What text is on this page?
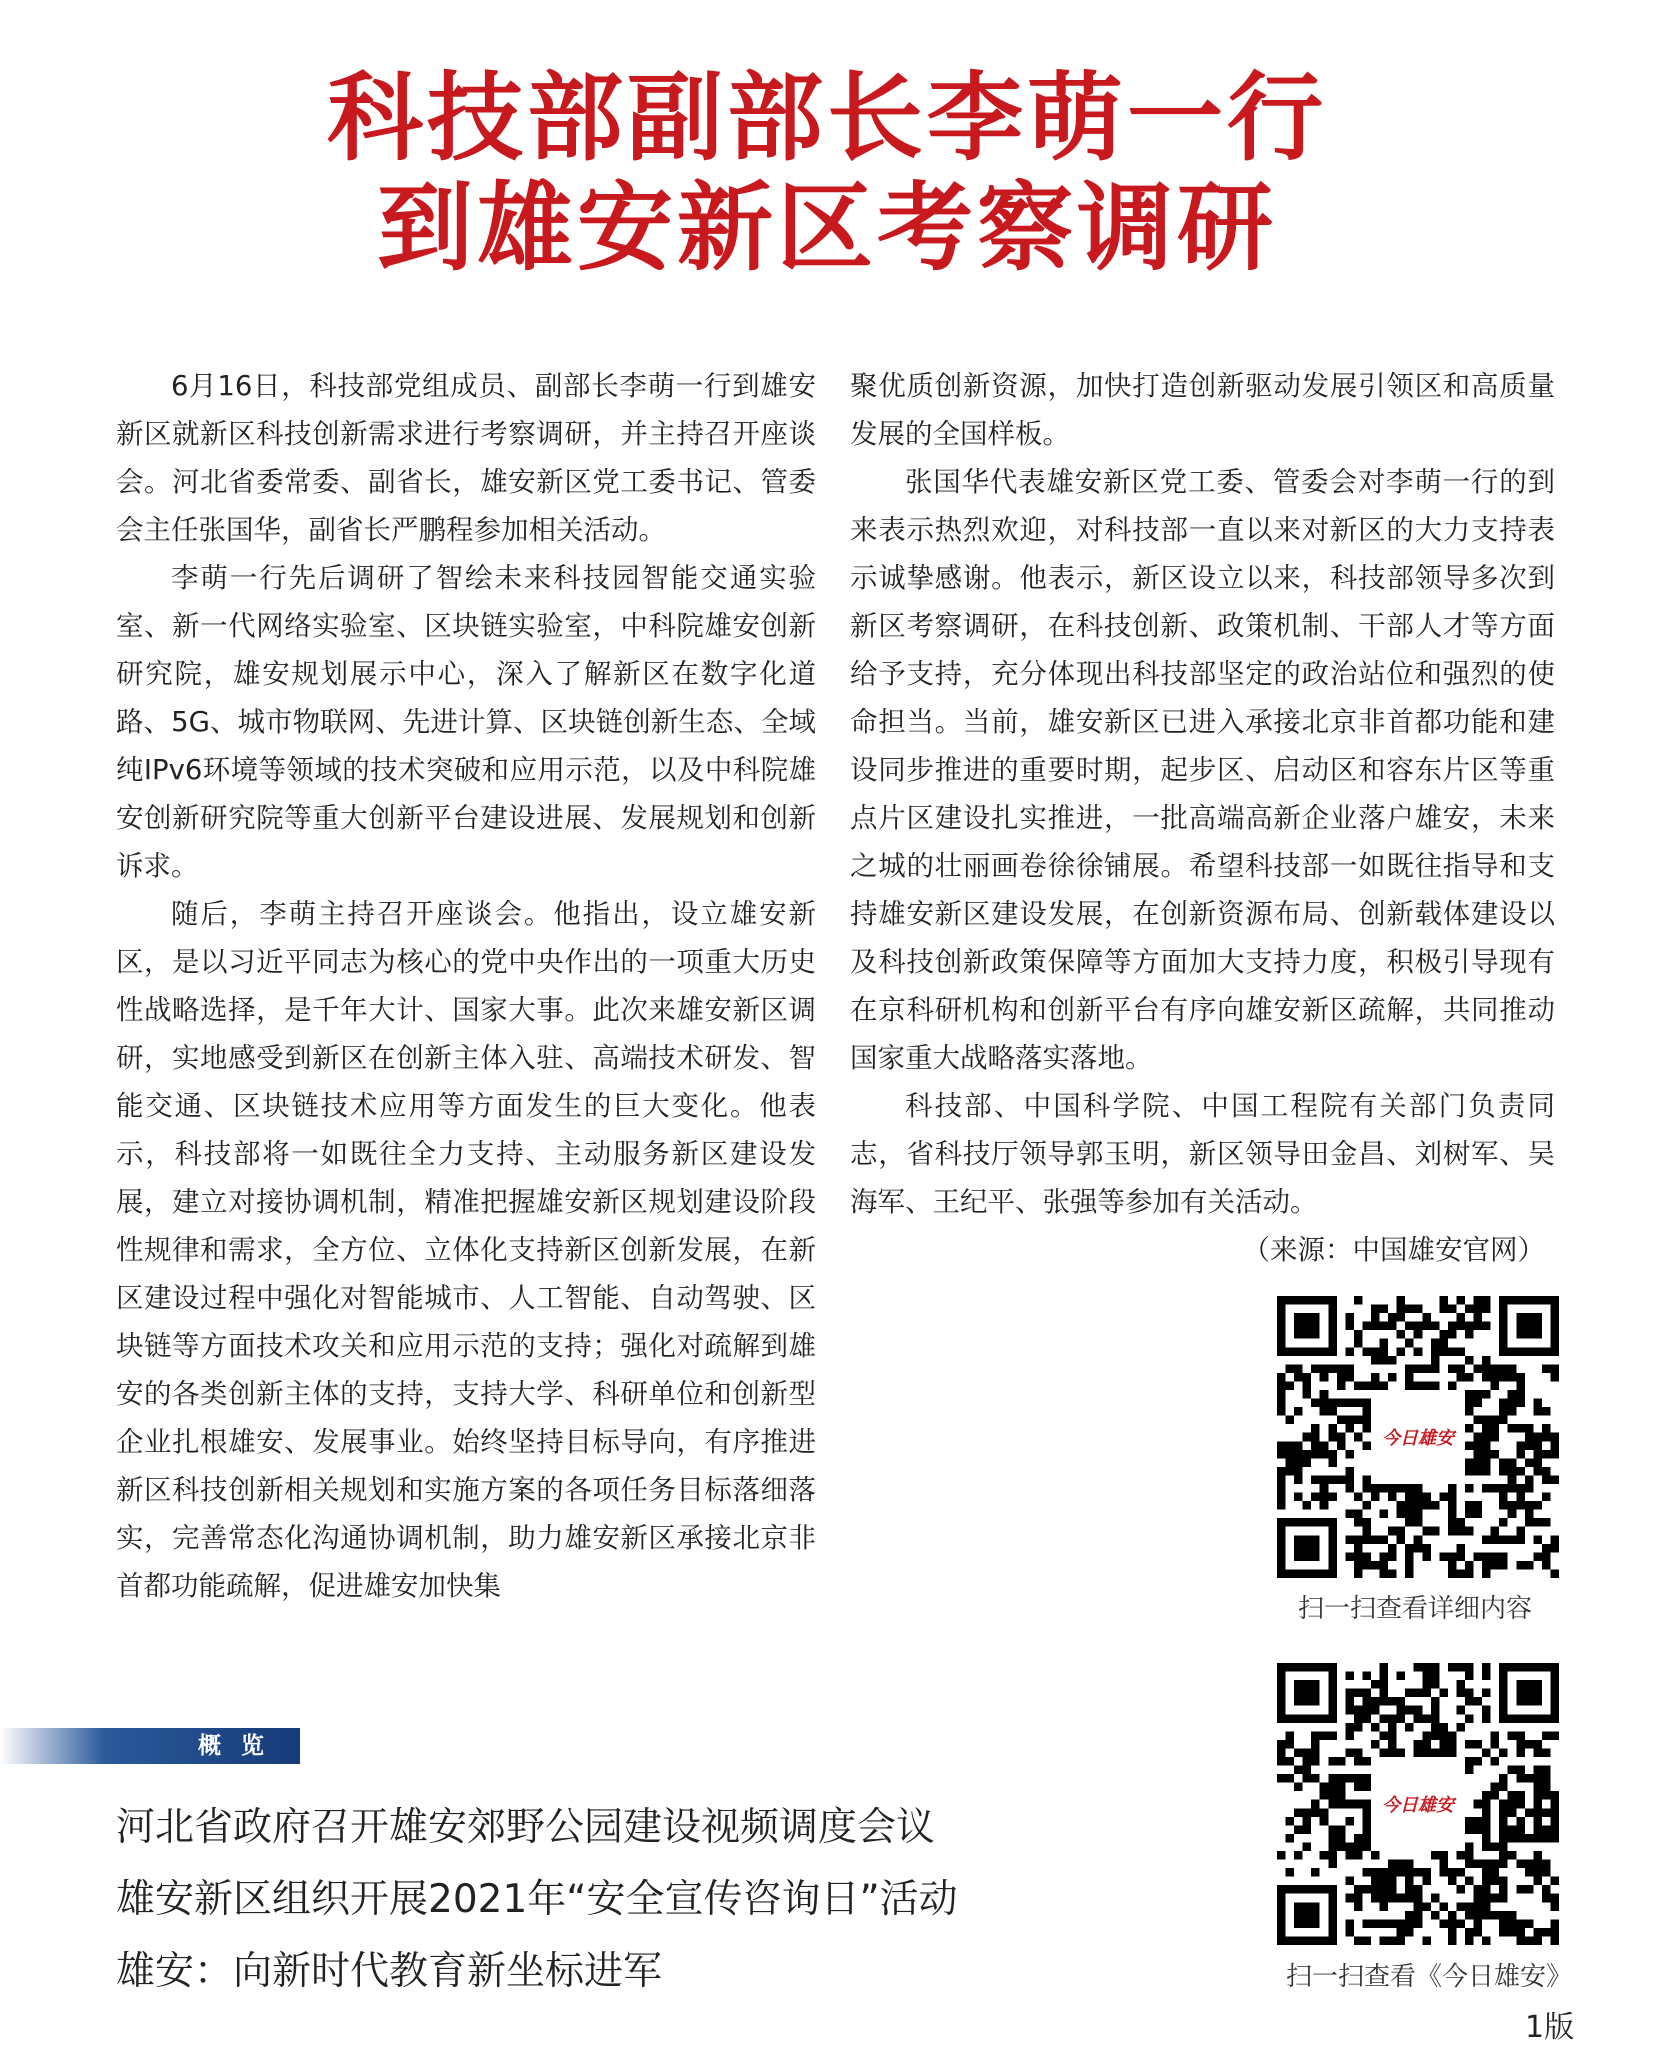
科技部副部长李萌一行
到雄安新区考察调研

6月16日，科技部党组成员、副部长李萌一行到雄安新区就新区科技创新需求进行考察调研，并主持召开座谈会。河北省委常委、副省长，雄安新区党工委书记、管委会主任张国华，副省长严鹏程参加相关活动。

李萌一行先后调研了智绘未来科技园智能交通实验室、新一代网络实验室、区块链实验室，中科院雄安创新研究院，雄安规划展示中心，深入了解新区在数字化道路、5G、城市物联网、先进计算、区块链创新生态、全域纯IPv6环境等领域的技术突破和应用示范，以及中科院雄安创新研究院等重大创新平台建设进展、发展规划和创新诉求。

随后，李萌主持召开座谈会。他指出，设立雄安新区，是以习近平同志为核心的党中央作出的一项重大历史性战略选择，是千年大计、国家大事。此次来雄安新区调研，实地感受到新区在创新主体入驻、高端技术研发、智能交通、区块链技术应用等方面发生的巨大变化。他表示，科技部将一如既往全力支持、主动服务新区建设发展，建立对接协调机制，精准把握雄安新区规划建设阶段性规律和需求，全方位、立体化支持新区创新发展，在新区建设过程中强化对智能城市、人工智能、自动驾驶、区块链等方面技术攻关和应用示范的支持；强化对疏解到雄安的各类创新主体的支持，支持大学、科研单位和创新型企业扎根雄安、发展事业。始终坚持目标导向，有序推进新区科技创新相关规划和实施方案的各项任务目标落细落实，完善常态化沟通协调机制，助力雄安新区承接北京非首都功能疏解，促进雄安加快集

聚优质创新资源，加快打造创新驱动发展引领区和高质量发展的全国样板。

张国华代表雄安新区党工委、管委会对李萌一行的到来表示热烈欢迎，对科技部一直以来对新区的大力支持表示诚挚感谢。他表示，新区设立以来，科技部领导多次到新区考察调研，在科技创新、政策机制、干部人才等方面给予支持，充分体现出科技部坚定的政治站位和强烈的使命担当。当前，雄安新区已进入承接北京非首都功能和建设同步推进的重要时期，起步区、启动区和容东片区等重点片区建设扎实推进，一批高端高新企业落户雄安，未来之城的壮丽画卷徐徐铺展。希望科技部一如既往指导和支持雄安新区建设发展，在创新资源布局、创新载体建设以及科技创新政策保障等方面加大支持力度，积极引导现有在京科研机构和创新平台有序向雄安新区疏解，共同推动国家重大战略落实落地。

科技部、中国科学院、中国工程院有关部门负责同志，省科技厅领导郭玉明，新区领导田金昌、刘树军、吴海军、王纪平、张强等参加有关活动。

（来源：中国雄安官网）

今日雄安
扫一扫查看详细内容
概 览
河北省政府召开雄安郊野公园建设视频调度会议
雄安新区组织开展2021年“安全宣传咨询日”活动
雄安：向新时代教育新坐标进军
今日雄安
扫一扫查看《今日雄安》
1版
